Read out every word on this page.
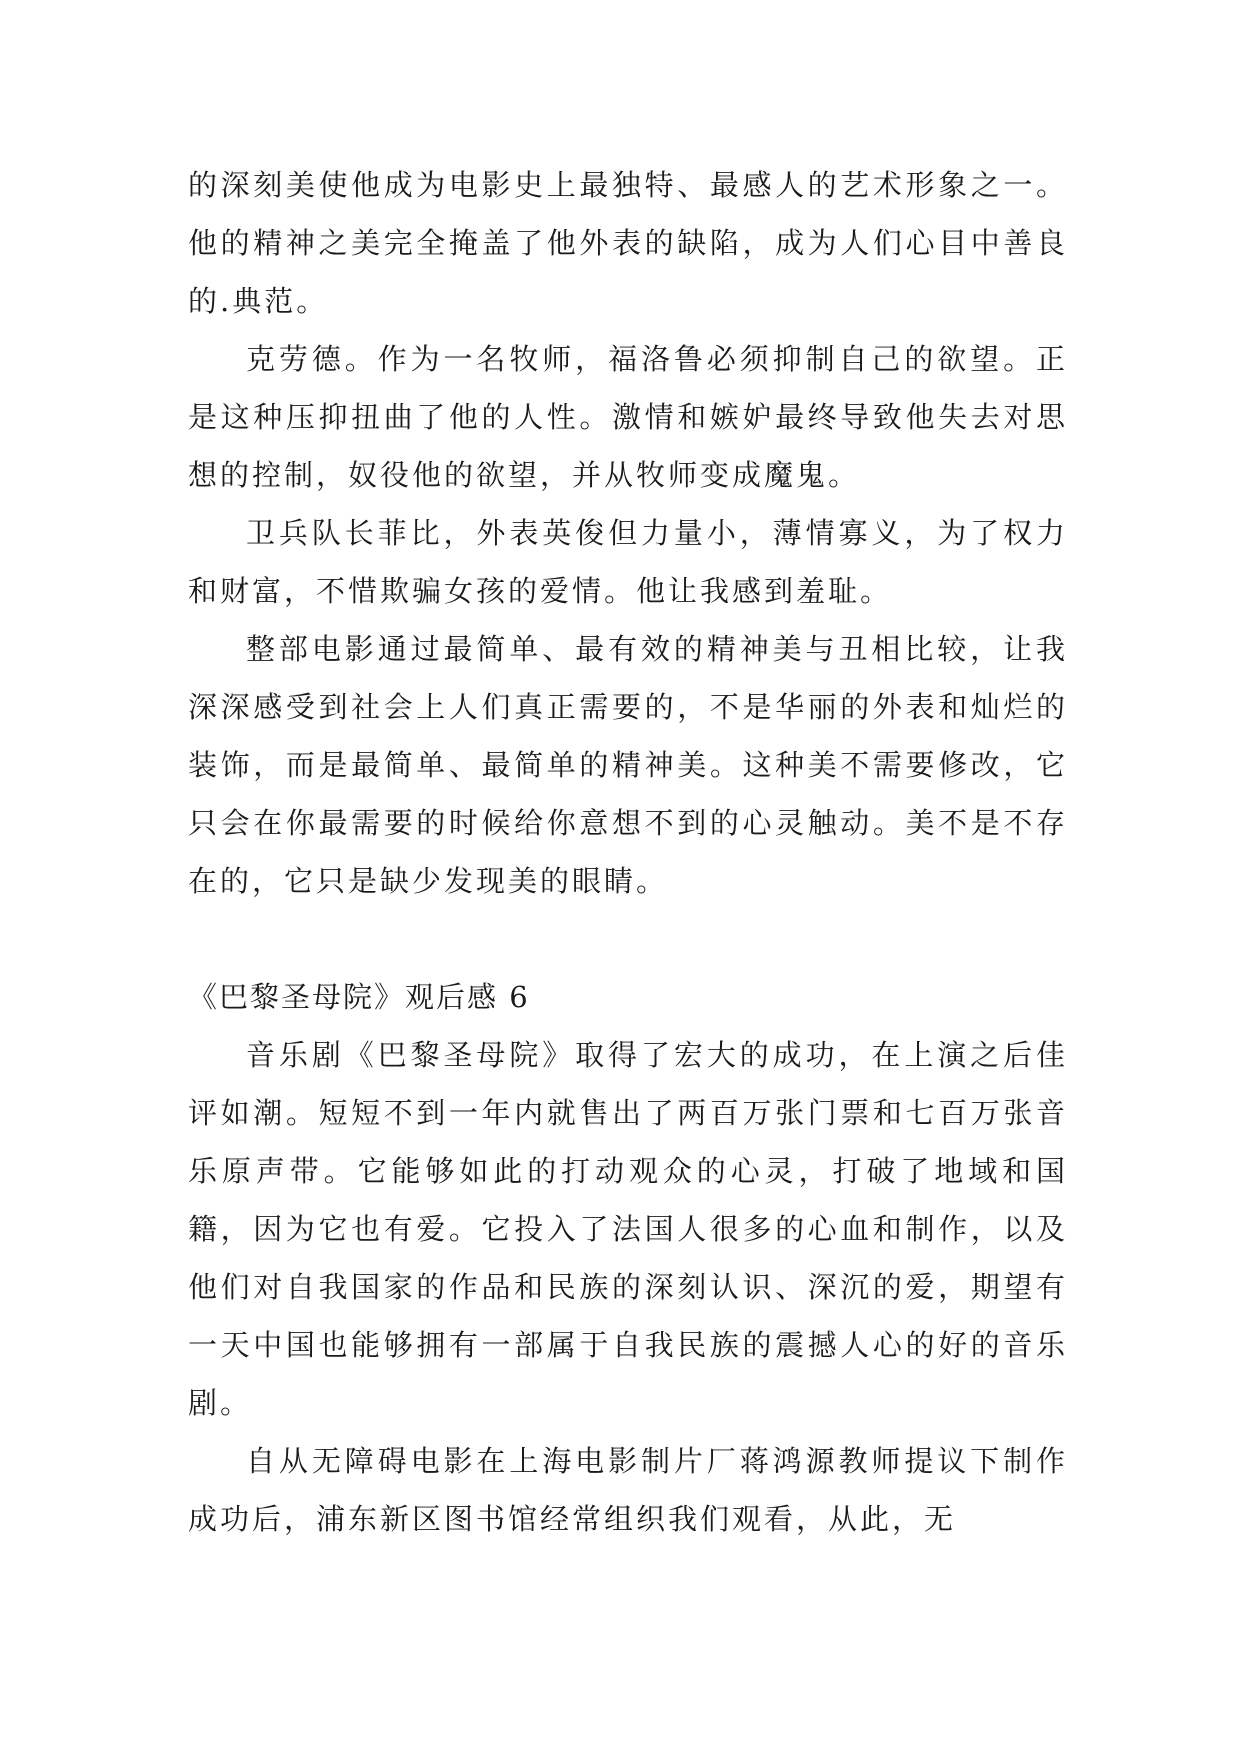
的深刻美使他成为电影史上最独特、最感人的艺术形象之一。他的精神之美完全掩盖了他外表的缺陷，成为人们心目中善良的.典范。

克劳德。作为一名牧师，福洛鲁必须抑制自己的欲望。正是这种压抑扭曲了他的人性。激情和嫉妒最终导致他失去对思想的控制，奴役他的欲望，并从牧师变成魔鬼。

卫兵队长菲比，外表英俊但力量小，薄情寡义，为了权力和财富，不惜欺骗女孩的爱情。他让我感到羞耻。

整部电影通过最简单、最有效的精神美与丑相比较，让我深深感受到社会上人们真正需要的，不是华丽的外表和灿烂的装饰，而是最简单、最简单的精神美。这种美不需要修改，它只会在你最需要的时候给你意想不到的心灵触动。美不是不存在的，它只是缺少发现美的眼睛。

《巴黎圣母院》观后感 6

音乐剧《巴黎圣母院》取得了宏大的成功，在上演之后佳评如潮。短短不到一年内就售出了两百万张门票和七百万张音乐原声带。它能够如此的打动观众的心灵，打破了地域和国籍，因为它也有爱。它投入了法国人很多的心血和制作，以及他们对自我国家的作品和民族的深刻认识、深沉的爱，期望有一天中国也能够拥有一部属于自我民族的震撼人心的好的音乐剧。

自从无障碍电影在上海电影制片厂蒋鸿源教师提议下制作成功后，浦东新区图书馆经常组织我们观看，从此，无
